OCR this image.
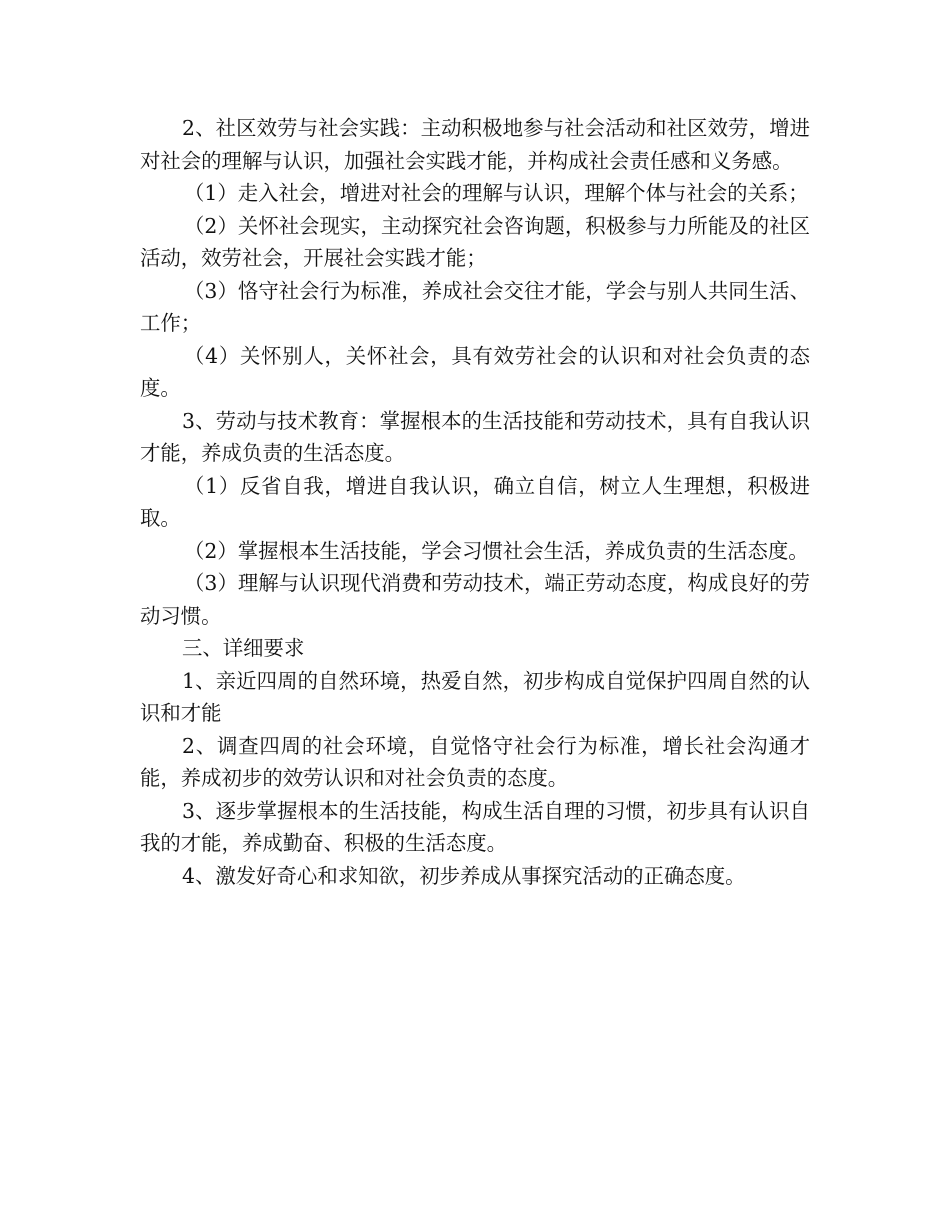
2、社区效劳与社会实践：主动积极地参与社会活动和社区效劳，增进对社会的理解与认识，加强社会实践才能，并构成社会责任感和义务感。

（1）走入社会，增进对社会的理解与认识，理解个体与社会的关系；

（2）关怀社会现实，主动探究社会咨询题，积极参与力所能及的社区活动，效劳社会，开展社会实践才能；

（3）恪守社会行为标准，养成社会交往才能，学会与别人共同生活、工作；

（4）关怀别人，关怀社会，具有效劳社会的认识和对社会负责的态度。

3、劳动与技术教育：掌握根本的生活技能和劳动技术，具有自我认识才能，养成负责的生活态度。

（1）反省自我，增进自我认识，确立自信，树立人生理想，积极进取。

（2）掌握根本生活技能，学会习惯社会生活，养成负责的生活态度。

（3）理解与认识现代消费和劳动技术，端正劳动态度，构成良好的劳动习惯。

三、详细要求

1、亲近四周的自然环境，热爱自然，初步构成自觉保护四周自然的认识和才能

2、调查四周的社会环境，自觉恪守社会行为标准，增长社会沟通才能，养成初步的效劳认识和对社会负责的态度。

3、逐步掌握根本的生活技能，构成生活自理的习惯，初步具有认识自我的才能，养成勤奋、积极的生活态度。

4、激发好奇心和求知欲，初步养成从事探究活动的正确态度。
